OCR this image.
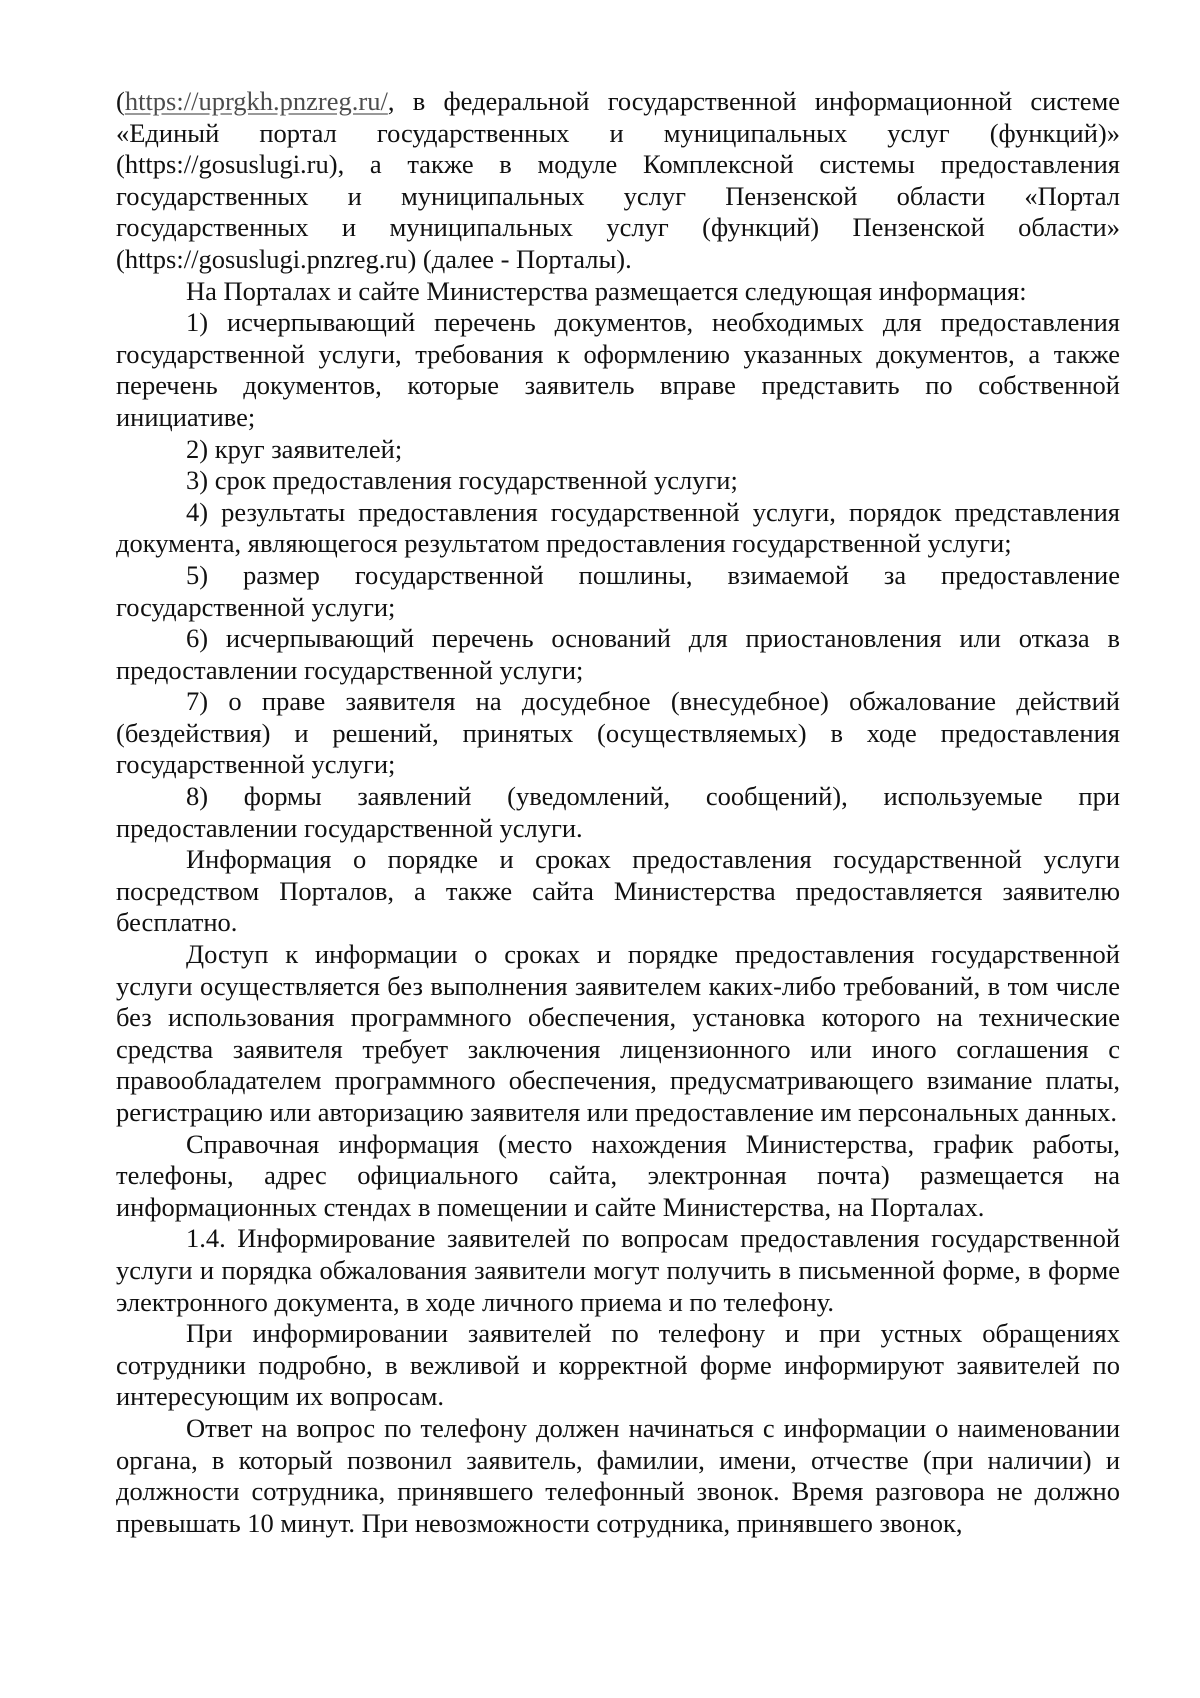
(https://uprgkh.pnzreg.ru/, в федеральной государственной информационной системе «Единый портал государственных и муниципальных услуг (функций)» (https://gosuslugi.ru), а также в модуле Комплексной системы предоставления государственных и муниципальных услуг Пензенской области «Портал государственных и муниципальных услуг (функций) Пензенской области» (https://gosuslugi.pnzreg.ru) (далее - Порталы).

На Порталах и сайте Министерства размещается следующая информация:

1) исчерпывающий перечень документов, необходимых для предоставления государственной услуги, требования к оформлению указанных документов, а также перечень документов, которые заявитель вправе представить по собственной инициативе;

2) круг заявителей;

3) срок предоставления государственной услуги;

4) результаты предоставления государственной услуги, порядок представления документа, являющегося результатом предоставления государственной услуги;

5) размер государственной пошлины, взимаемой за предоставление государственной услуги;

6) исчерпывающий перечень оснований для приостановления или отказа в предоставлении государственной услуги;

7) о праве заявителя на досудебное (внесудебное) обжалование действий (бездействия) и решений, принятых (осуществляемых) в ходе предоставления государственной услуги;

8) формы заявлений (уведомлений, сообщений), используемые при предоставлении государственной услуги.

Информация о порядке и сроках предоставления государственной услуги посредством Порталов, а также сайта Министерства предоставляется заявителю бесплатно.

Доступ к информации о сроках и порядке предоставления государственной услуги осуществляется без выполнения заявителем каких-либо требований, в том числе без использования программного обеспечения, установка которого на технические средства заявителя требует заключения лицензионного или иного соглашения с правообладателем программного обеспечения, предусматривающего взимание платы, регистрацию или авторизацию заявителя или предоставление им персональных данных.

Справочная информация (место нахождения Министерства, график работы, телефоны, адрес официального сайта, электронная почта) размещается на информационных стендах в помещении и сайте Министерства, на Порталах.

1.4. Информирование заявителей по вопросам предоставления государственной услуги и порядка обжалования заявители могут получить в письменной форме, в форме электронного документа, в ходе личного приема и по телефону.

При информировании заявителей по телефону и при устных обращениях сотрудники подробно, в вежливой и корректной форме информируют заявителей по интересующим их вопросам.

Ответ на вопрос по телефону должен начинаться с информации о наименовании органа, в который позвонил заявитель, фамилии, имени, отчестве (при наличии) и должности сотрудника, принявшего телефонный звонок. Время разговора не должно превышать 10 минут. При невозможности сотрудника, принявшего звонок,
